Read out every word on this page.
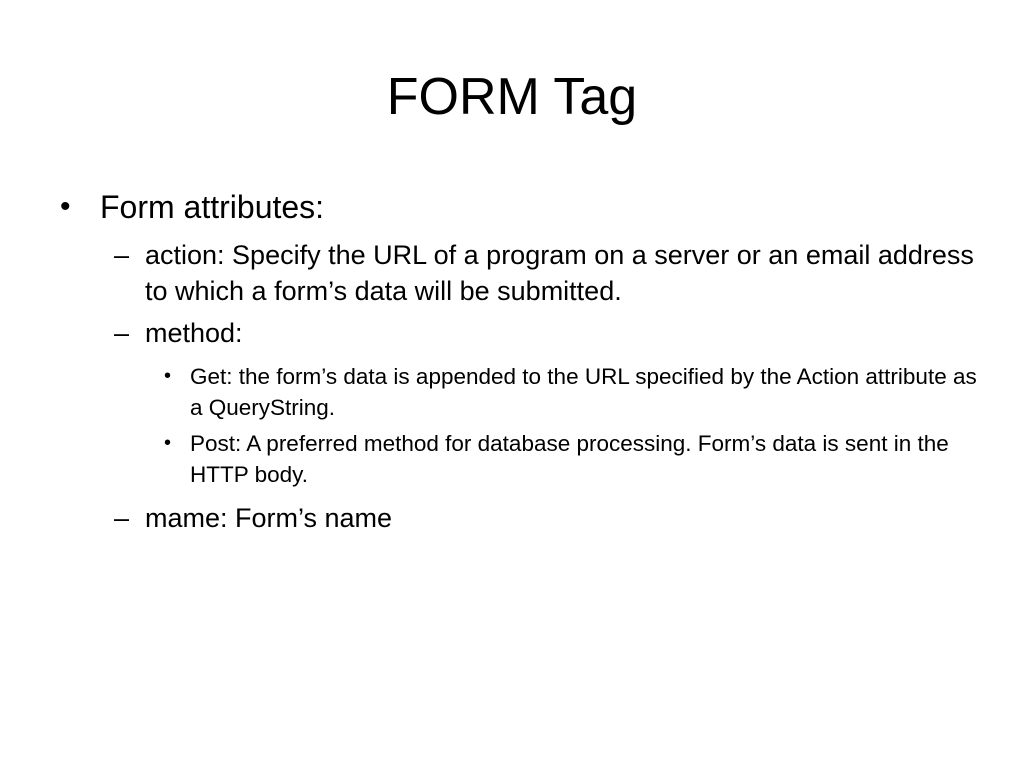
FORM Tag
• Form attributes:
– action: Specify the URL of a program on a server or an email address to which a form’s data will be submitted.
– method:
• Get: the form’s data is appended to the URL specified by the Action attribute as a QueryString.
• Post: A preferred method for database processing. Form’s data is sent in the HTTP body.
– mame: Form’s name
